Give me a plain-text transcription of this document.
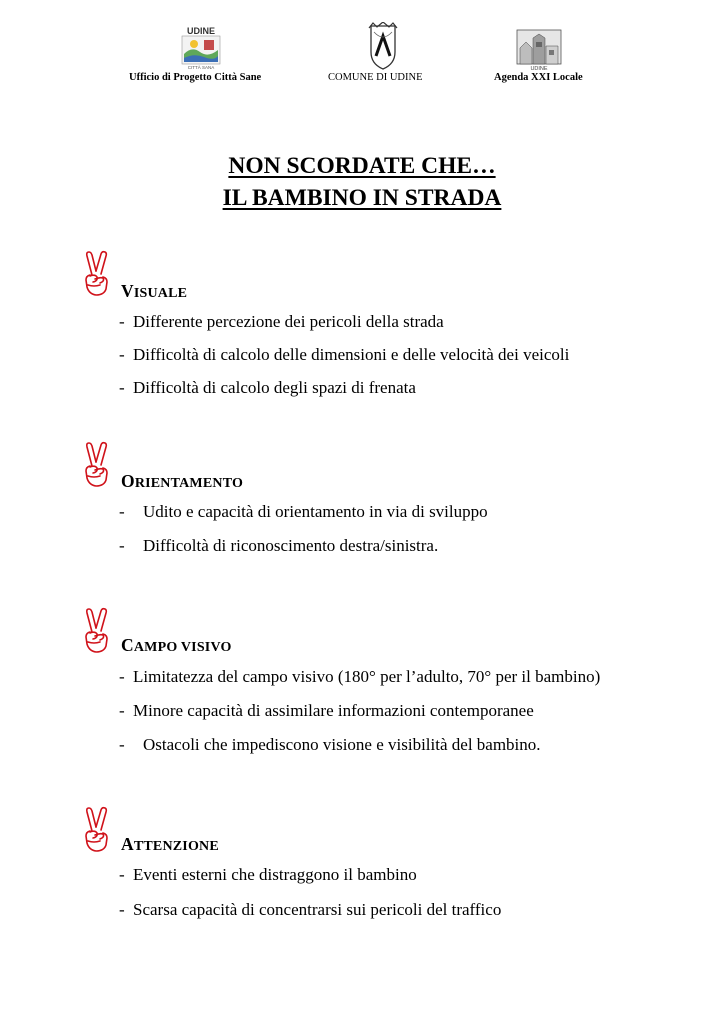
UDINE
CITTÀ SANA	UDINE
Ufficio di Progetto Città Sane	COMUNE DI UDINE	Agenda XXI Locale
NON SCORDATE CHE…
IL BAMBINO IN STRADA
VISUALE
- Differente percezione dei pericoli della strada
- Difficoltà di calcolo delle dimensioni e delle velocità dei veicoli
- Difficoltà di calcolo degli spazi di frenata
ORIENTAMENTO
- Udito e capacità di orientamento in via di sviluppo
- Difficoltà di riconoscimento destra/sinistra.
CAMPO VISIVO
- Limitatezza del campo visivo (180° per l’adulto, 70° per il bambino)
- Minore capacità di assimilare informazioni contemporanee
- Ostacoli che impediscono visione e visibilità del bambino.
ATTENZIONE
- Eventi esterni che distraggono il bambino
- Scarsa capacità di concentrarsi sui pericoli del traffico
